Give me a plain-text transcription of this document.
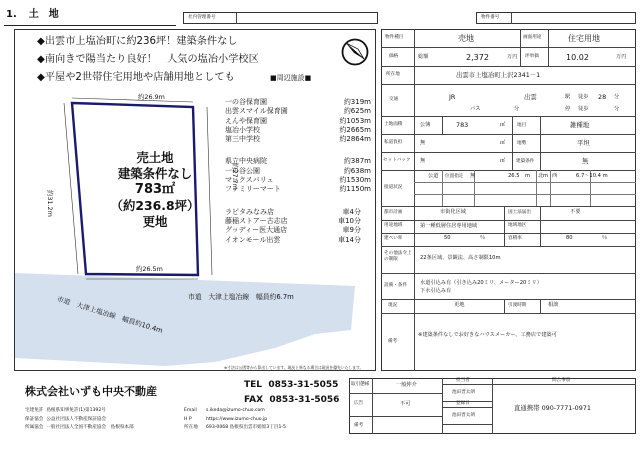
1. 土　地	社内管理番号	物件番号
◆出雲市上塩冶町に約236坪！建築条件なし
◆南向きで陽当たり良好！　人気の塩冶小学校区
◆平屋や2世帯住宅用地や店舗用地としても	■周辺施設■
約26.9m
約31.2m
約27.7m
約26.5m
売土地
建築条件なし
783㎡
（約236.8坪）
更地
市道　大津上塩冶線　幅員約6.7m
市道　大津上塩冶線　幅員約10.4m
※寸法は公図等から算出しています。現況と異なる場合は現況を優先いたします。
一の谷保育園	約319m
出雲スマイル保育園	約625m
えんや保育園	約1053m
塩冶小学校	約2665m
第三中学校	約2864m
県立中央病院	約387m
一の谷公園	約638m
マックスバリュ	約1530m
ファミリーマート	約1150m
ラピタみなみ店	車4分
藤稲ストアー古志店	車10分
グッディー医大通店	車9分
イオンモール出雲	車14分
物件種目	売地	画面用途	住宅用地
価格	総額	2,372	万円 坪単価	10.02	万円
所在地	出雲市上塩冶町上沢2341－1
交通	JR	出雲	駅 徒歩 28 分
バス	分	停 徒歩	分
土地面積	公簿	783	㎡	地目	雑種地
私道負担	無	㎡	地勢	平坦
セットバック 無	㎡ 建築条件	無
接道状況
公道 位置指定 無	26.5 m 北 m 西	6.7～10.4 m
都市計画	市街化区域	国土法届出	不要
用途地域	第一種低層住居専用地域	地域地区
建ぺい率	50	％	容積率	80	％
その他法令上の制限	22条区域、景観法、高さ制限10m
設備・条件	水道引込み有（引き込み20ミリ、メーター20ミリ）
下水引込み有
現況	更地	引渡時期	相談
備考
※建築条件なしでお好きなハウスメーカー、工務店で建築可
株式会社いずも中央不動産	TEL 0853-31-5055
FAX 0853-31-5056
宅建免許 島根県知事免許(1)第1392号
保証協会 公益社団法人不動産保証協会
所属協会 一般社団法人全国不動産協会　島根県本部
Email s.ikeda@izumo-chuo.com
H P	https://www.izumo-chuo.jp
所在地 693-0068 島根県出雲市姫原3丁目1-5
取引態様	一般仲介
広告	不可
備考
担当者
池田晋太朗
登録日
池田晋太朗
問合事項
直通携帯 090-7771-0971
